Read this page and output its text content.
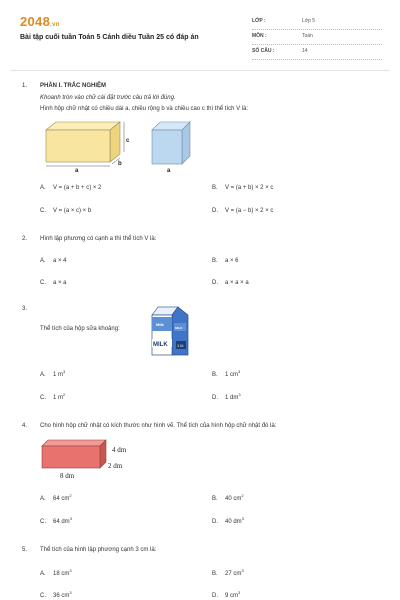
2048.vn
Bài tập cuối tuần Toán 5 Cánh diều Tuần 25 có đáp án
LỚP :	Lớp 5
MÔN :	Toán
SỐ CÂU :	14
1. PHẦN I. TRẮC NGHIỆM
Khoanh tròn vào chữ cái đặt trước câu trả lời đúng.
Hình hộp chữ nhật có chiều dài a, chiều rộng b và chiều cao c thì thể tích V là:
a
b
c
a
A. V = (a + b + c) × 2	B. V = (a + b) × 2 × c
C. V = (a × c) × b	D. V = (a − b) × 2 × c
2. Hình lập phương có cạnh a thì thể tích V là:
A. a × 4	B. a × 6
C. a × a	D. a × a × a
3.
Thể tích của hộp sữa khoảng:
Milk
MILK
MILK 1 lít
A. 1 $m^3$
B. 1 $cm^3$
C. 1 $m^2$
D. 1 $dm^3$
4. Cho hình hộp chữ nhật có kích thước như hình vẽ. Thể tích của hình hộp chữ nhật đó là:
4 dm
2 dm
8 dm
A. 64 $cm^2$
B. 40 $cm^2$
C. 64 $dm^3$
D. 40 $dm^3$
5. Thể tích của hình lập phương cạnh 3 cm là:
A. 18 $cm^3$
B. 27 $cm^3$
C. 36 $cm^3$
D. 9 $cm^3$
